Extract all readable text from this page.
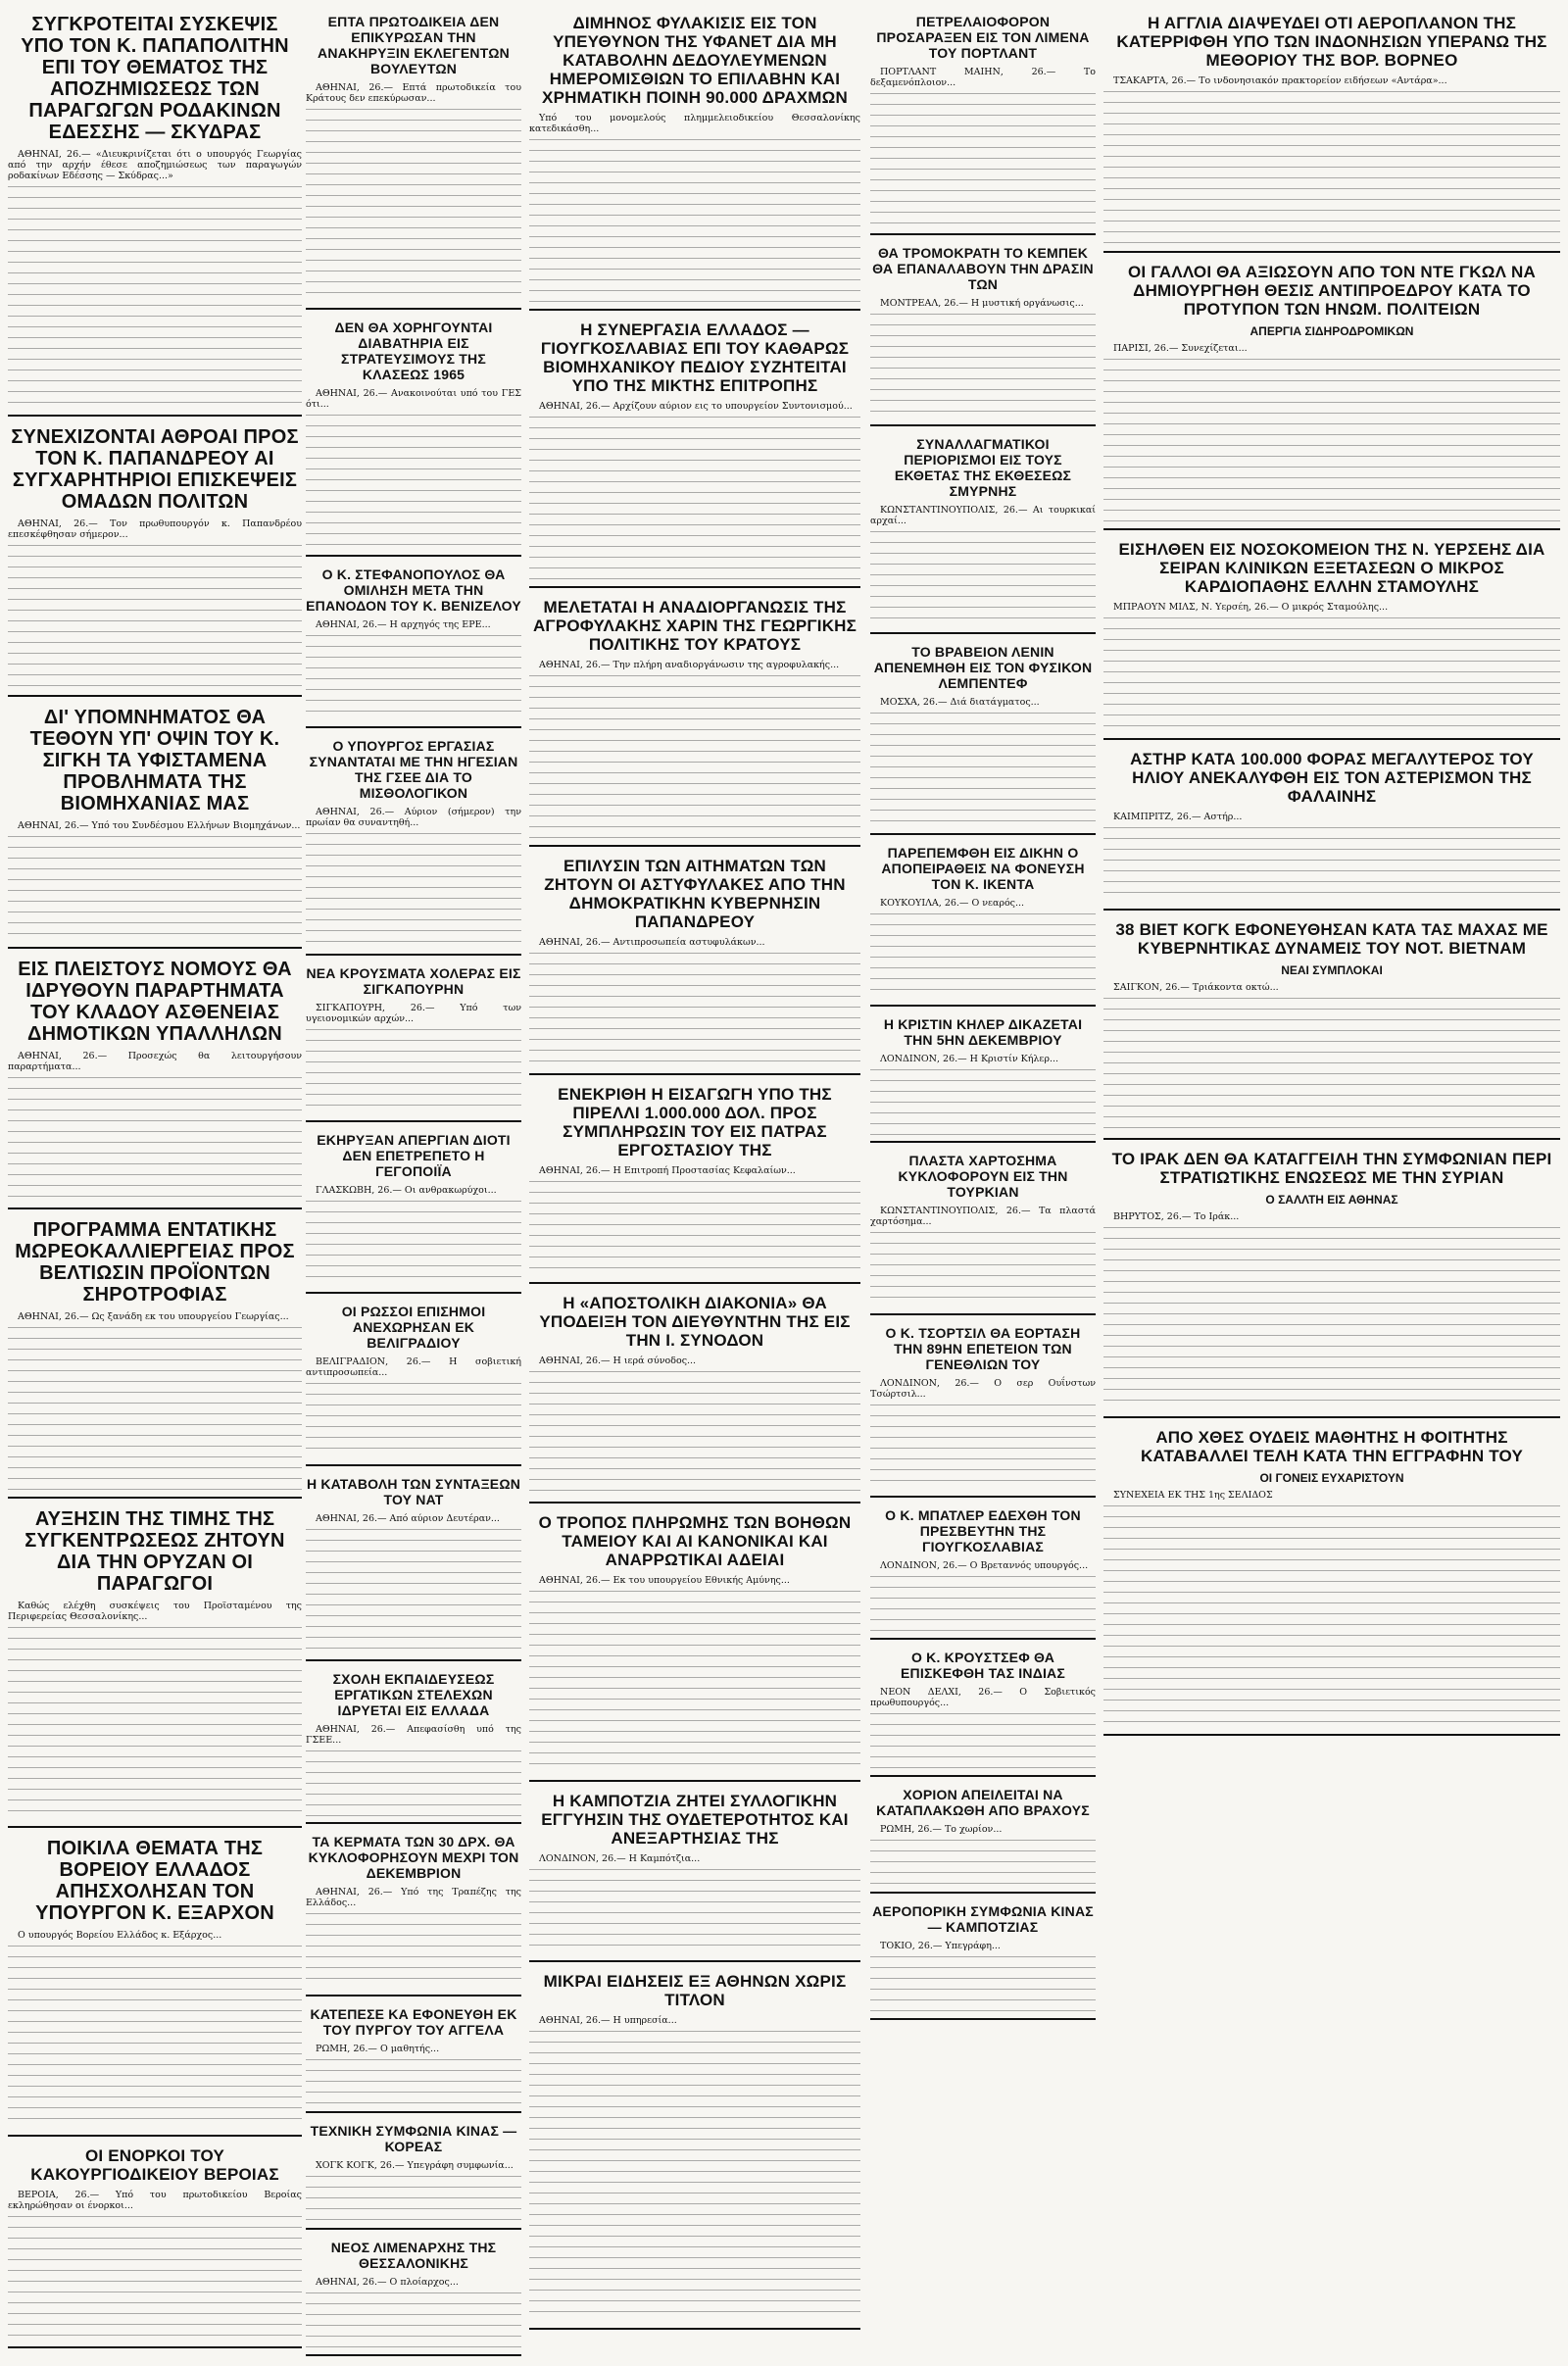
ΣΥΓΚΡΟΤΕΙΤΑΙ ΣΥΣΚΕΨΙΣ ΥΠΟ ΤΟΝ Κ. ΠΑΠΑΠΟΛΙΤΗΝ ΕΠΙ ΤΟΥ ΘΕΜΑΤΟΣ ΤΗΣ ΑΠΟΖΗΜΙΩΣΕΩΣ ΤΩΝ ΠΑΡΑΓΩΓΩΝ ΡΟΔΑΚΙΝΩΝ ΕΔΕΣΣΗΣ — ΣΚΥΔΡΑΣ

ΑΘΗΝΑΙ, 26.— «Διευκρινίζεται ότι ο υπουργός Γεωργίας από την αρχήν έθεσε αποζημιώσεως των παραγωγών ροδακίνων Εδέσσης — Σκύδρας...»

ΣΥΝΕΧΙΖΟΝΤΑΙ ΑΘΡΟΑΙ ΠΡΟΣ ΤΟΝ Κ. ΠΑΠΑΝΔΡΕΟΥ ΑΙ ΣΥΓΧΑΡΗΤΗΡΙΟΙ ΕΠΙΣΚΕΨΕΙΣ ΟΜΑΔΩΝ ΠΟΛΙΤΩΝ

ΑΘΗΝΑΙ, 26.— Τον πρωθυπουργόν κ. Παπανδρέου επεσκέφθησαν σήμερον...

ΔΙ' ΥΠΟΜΝΗΜΑΤΟΣ ΘΑ ΤΕΘΟΥΝ ΥΠ' ΟΨΙΝ ΤΟΥ Κ. ΣΙΓΚΗ ΤΑ ΥΦΙΣΤΑΜΕΝΑ ΠΡΟΒΛΗΜΑΤΑ ΤΗΣ ΒΙΟΜΗΧΑΝΙΑΣ ΜΑΣ

ΑΘΗΝΑΙ, 26.— Υπό του Συνδέσμου Ελλήνων Βιομηχάνων...

ΕΙΣ ΠΛΕΙΣΤΟΥΣ ΝΟΜΟΥΣ ΘΑ ΙΔΡΥΘΟΥΝ ΠΑΡΑΡΤΗΜΑΤΑ ΤΟΥ ΚΛΑΔΟΥ ΑΣΘΕΝΕΙΑΣ ΔΗΜΟΤΙΚΩΝ ΥΠΑΛΛΗΛΩΝ

ΑΘΗΝΑΙ, 26.— Προσεχώς θα λειτουργήσουν παραρτήματα...

ΠΡΟΓΡΑΜΜΑ ΕΝΤΑΤΙΚΗΣ ΜΩΡΕΟΚΑΛΛΙΕΡΓΕΙΑΣ ΠΡΟΣ ΒΕΛΤΙΩΣΙΝ ΠΡΟΪΟΝΤΩΝ ΣΗΡΟΤΡΟΦΙΑΣ

ΑΘΗΝΑΙ, 26.— Ως ξανάδη εκ του υπουργείου Γεωργίας...

ΑΥΞΗΣΙΝ ΤΗΣ ΤΙΜΗΣ ΤΗΣ ΣΥΓΚΕΝΤΡΩΣΕΩΣ ΖΗΤΟΥΝ ΔΙΑ ΤΗΝ ΟΡΥΖΑΝ ΟΙ ΠΑΡΑΓΩΓΟΙ

Καθώς ελέχθη συσκέψεις του Προϊσταμένου της Περιφερείας Θεσσαλονίκης...

ΠΟΙΚΙΛΑ ΘΕΜΑΤΑ ΤΗΣ ΒΟΡΕΙΟΥ ΕΛΛΑΔΟΣ ΑΠΗΣΧΟΛΗΣΑΝ ΤΟΝ ΥΠΟΥΡΓΟΝ Κ. ΕΞΑΡΧΟΝ

Ο υπουργός Βορείου Ελλάδος κ. Εξάρχος...

ΟΙ ΕΝΟΡΚΟΙ ΤΟΥ ΚΑΚΟΥΡΓΙΟΔΙΚΕΙΟΥ ΒΕΡΟΙΑΣ

ΒΕΡΟΙΑ, 26.— Υπό του πρωτοδικείου Βεροίας εκληρώθησαν οι ένορκοι...

ΕΠΤΑ ΠΡΩΤΟΔΙΚΕΙΑ ΔΕΝ ΕΠΙΚΥΡΩΣΑΝ ΤΗΝ ΑΝΑΚΗΡΥΞΙΝ ΕΚΛΕΓΕΝΤΩΝ ΒΟΥΛΕΥΤΩΝ

ΑΘΗΝΑΙ, 26.— Επτά πρωτοδικεία του Κράτους δεν επεκύρωσαν...

ΔΕΝ ΘΑ ΧΟΡΗΓΟΥΝΤΑΙ ΔΙΑΒΑΤΗΡΙΑ ΕΙΣ ΣΤΡΑΤΕΥΣΙΜΟΥΣ ΤΗΣ ΚΛΑΣΕΩΣ 1965

ΑΘΗΝΑΙ, 26.— Ανακοινούται υπό του ΓΕΣ ότι...

Ο Κ. ΣΤΕΦΑΝΟΠΟΥΛΟΣ ΘΑ ΟΜΙΛΗΣΗ ΜΕΤΑ ΤΗΝ ΕΠΑΝΟΔΟΝ ΤΟΥ Κ. ΒΕΝΙΖΕΛΟΥ

ΑΘΗΝΑΙ, 26.— Η αρχηγός της ΕΡΕ...

Ο ΥΠΟΥΡΓΟΣ ΕΡΓΑΣΙΑΣ ΣΥΝΑΝΤΑΤΑΙ ΜΕ ΤΗΝ ΗΓΕΣΙΑΝ ΤΗΣ ΓΣΕΕ ΔΙΑ ΤΟ ΜΙΣΘΟΛΟΓΙΚΟΝ

ΑΘΗΝΑΙ, 26.— Αύριον (σήμερον) την πρωίαν θα συναντηθή...

ΝΕΑ ΚΡΟΥΣΜΑΤΑ ΧΟΛΕΡΑΣ ΕΙΣ ΣΙΓΚΑΠΟΥΡΗΝ

ΣΙΓΚΑΠΟΥΡΗ, 26.— Υπό των υγειονομικών αρχών...

ΕΚΗΡΥΞΑΝ ΑΠΕΡΓΙΑΝ ΔΙΟΤΙ ΔΕΝ ΕΠΕΤΡΕΠΕΤΟ Η ΓΕΓΟΠΟΙΪΑ

ΓΛΑΣΚΩΒΗ, 26.— Οι ανθρακωρύχοι...

ΟΙ ΡΩΣΣΟΙ ΕΠΙΣΗΜΟΙ ΑΝΕΧΩΡΗΣΑΝ ΕΚ ΒΕΛΙΓΡΑΔΙΟΥ

ΒΕΛΙΓΡΑΔΙΟΝ, 26.— Η σοβιετική αντιπροσωπεία...

Η ΚΑΤΑΒΟΛΗ ΤΩΝ ΣΥΝΤΑΞΕΩΝ ΤΟΥ ΝΑΤ

ΑΘΗΝΑΙ, 26.— Από αύριον Δευτέραν...

ΣΧΟΛΗ ΕΚΠΑΙΔΕΥΣΕΩΣ ΕΡΓΑΤΙΚΩΝ ΣΤΕΛΕΧΩΝ ΙΔΡΥΕΤΑΙ ΕΙΣ ΕΛΛΑΔΑ

ΑΘΗΝΑΙ, 26.— Απεφασίσθη υπό της ΓΣΕΕ...

ΤΑ ΚΕΡΜΑΤΑ ΤΩΝ 30 ΔΡΧ. ΘΑ ΚΥΚΛΟΦΟΡΗΣΟΥΝ ΜΕΧΡΙ ΤΟΝ ΔΕΚΕΜΒΡΙΟΝ

ΑΘΗΝΑΙ, 26.— Υπό της Τραπέζης της Ελλάδος...

ΚΑΤΕΠΕΣΕ ΚΑ ΕΦΟΝΕΥΘΗ ΕΚ ΤΟΥ ΠΥΡΓΟΥ ΤΟΥ ΑΓΓΕΛΑ

ΡΩΜΗ, 26.— Ο μαθητής...

ΤΕΧΝΙΚΗ ΣΥΜΦΩΝΙΑ ΚΙΝΑΣ — ΚΟΡΕΑΣ

ΧΟΓΚ ΚΟΓΚ, 26.— Υπεγράφη συμφωνία...

ΝΕΟΣ ΛΙΜΕΝΑΡΧΗΣ ΤΗΣ ΘΕΣΣΑΛΟΝΙΚΗΣ

ΑΘΗΝΑΙ, 26.— Ο πλοίαρχος...

ΔΙΜΗΝΟΣ ΦΥΛΑΚΙΣΙΣ ΕΙΣ ΤΟΝ ΥΠΕΥΘΥΝΟΝ ΤΗΣ ΥΦΑΝΕΤ ΔΙΑ ΜΗ ΚΑΤΑΒΟΛΗΝ ΔΕΔΟΥΛΕΥΜΕΝΩΝ ΗΜΕΡΟΜΙΣΘΙΩΝ ΤΟ ΕΠΙΛΑΒΗΝ ΚΑΙ ΧΡΗΜΑΤΙΚΗ ΠΟΙΝΗ 90.000 ΔΡΑΧΜΩΝ

Υπό του μονομελούς πλημμελειοδικείου Θεσσαλονίκης κατεδικάσθη...

Η ΣΥΝΕΡΓΑΣΙΑ ΕΛΛΑΔΟΣ — ΓΙΟΥΓΚΟΣΛΑΒΙΑΣ ΕΠΙ ΤΟΥ ΚΑΘΑΡΩΣ ΒΙΟΜΗΧΑΝΙΚΟΥ ΠΕΔΙΟΥ ΣΥΖΗΤΕΙΤΑΙ ΥΠΟ ΤΗΣ ΜΙΚΤΗΣ ΕΠΙΤΡΟΠΗΣ

ΑΘΗΝΑΙ, 26.— Αρχίζουν αύριον εις το υπουργείον Συντονισμού...

ΜΕΛΕΤΑΤΑΙ Η ΑΝΑΔΙΟΡΓΑΝΩΣΙΣ ΤΗΣ ΑΓΡΟΦΥΛΑΚΗΣ ΧΑΡΙΝ ΤΗΣ ΓΕΩΡΓΙΚΗΣ ΠΟΛΙΤΙΚΗΣ ΤΟΥ ΚΡΑΤΟΥΣ

ΑΘΗΝΑΙ, 26.— Την πλήρη αναδιοργάνωσιν της αγροφυλακής...

ΕΠΙΛΥΣΙΝ ΤΩΝ ΑΙΤΗΜΑΤΩΝ ΤΩΝ ΖΗΤΟΥΝ ΟΙ ΑΣΤΥΦΥΛΑΚΕΣ ΑΠΟ ΤΗΝ ΔΗΜΟΚΡΑΤΙΚΗΝ ΚΥΒΕΡΝΗΣΙΝ ΠΑΠΑΝΔΡΕΟΥ

ΑΘΗΝΑΙ, 26.— Αντιπροσωπεία αστυφυλάκων...

ΕΝΕΚΡΙΘΗ Η ΕΙΣΑΓΩΓΗ ΥΠΟ ΤΗΣ ΠΙΡΕΛΛΙ 1.000.000 ΔΟΛ. ΠΡΟΣ ΣΥΜΠΛΗΡΩΣΙΝ ΤΟΥ ΕΙΣ ΠΑΤΡΑΣ ΕΡΓΟΣΤΑΣΙΟΥ ΤΗΣ

ΑΘΗΝΑΙ, 26.— Η Επιτροπή Προστασίας Κεφαλαίων...

Η «ΑΠΟΣΤΟΛΙΚΗ ΔΙΑΚΟΝΙΑ» ΘΑ ΥΠΟΔΕΙΞΗ ΤΟΝ ΔΙΕΥΘΥΝΤΗΝ ΤΗΣ ΕΙΣ ΤΗΝ Ι. ΣΥΝΟΔΟΝ

ΑΘΗΝΑΙ, 26.— Η ιερά σύνοδος...

Ο ΤΡΟΠΟΣ ΠΛΗΡΩΜΗΣ ΤΩΝ ΒΟΗΘΩΝ ΤΑΜΕΙΟΥ ΚΑΙ ΑΙ ΚΑΝΟΝΙΚΑΙ ΚΑΙ ΑΝΑΡΡΩΤΙΚΑΙ ΑΔΕΙΑΙ

ΑΘΗΝΑΙ, 26.— Εκ του υπουργείου Εθνικής Αμύνης...

Η ΚΑΜΠΟΤΖΙΑ ΖΗΤΕΙ ΣΥΛΛΟΓΙΚΗΝ ΕΓΓΥΗΣΙΝ ΤΗΣ ΟΥΔΕΤΕΡΟΤΗΤΟΣ ΚΑΙ ΑΝΕΞΑΡΤΗΣΙΑΣ ΤΗΣ

ΛΟΝΔΙΝΟΝ, 26.— Η Καμπότζια...

ΜΙΚΡΑΙ ΕΙΔΗΣΕΙΣ ΕΞ ΑΘΗΝΩΝ ΧΩΡΙΣ ΤΙΤΛΟΝ

ΑΘΗΝΑΙ, 26.— Η υπηρεσία...

ΠΕΤΡΕΛΑΙΟΦΟΡΟΝ ΠΡΟΣΑΡΑΞΕΝ ΕΙΣ ΤΟΝ ΛΙΜΕΝΑ ΤΟΥ ΠΟΡΤΛΑΝΤ

ΠΟΡΤΛΑΝΤ ΜΑΙΗΝ, 26.— Το δεξαμενόπλοιον...

ΘΑ ΤΡΟΜΟΚΡΑΤΗ ΤΟ ΚΕΜΠΕΚ ΘΑ ΕΠΑΝΑΛΑΒΟΥΝ ΤΗΝ ΔΡΑΣΙΝ ΤΩΝ

ΜΟΝΤΡΕΑΛ, 26.— Η μυστική οργάνωσις...

ΣΥΝΑΛΛΑΓΜΑΤΙΚΟΙ ΠΕΡΙΟΡΙΣΜΟΙ ΕΙΣ ΤΟΥΣ ΕΚΘΕΤΑΣ ΤΗΣ ΕΚΘΕΣΕΩΣ ΣΜΥΡΝΗΣ

ΚΩΝΣΤΑΝΤΙΝΟΥΠΟΛΙΣ, 26.— Αι τουρκικαί αρχαί...

ΤΟ ΒΡΑΒΕΙΟΝ ΛΕΝΙΝ ΑΠΕΝΕΜΗΘΗ ΕΙΣ ΤΟΝ ΦΥΣΙΚΟΝ ΛΕΜΠΕΝΤΕΦ

ΜΟΣΧΑ, 26.— Διά διατάγματος...

ΠΑΡΕΠΕΜΦΘΗ ΕΙΣ ΔΙΚΗΝ Ο ΑΠΟΠΕΙΡΑΘΕΙΣ ΝΑ ΦΟΝΕΥΣΗ ΤΟΝ Κ. ΙΚΕΝΤΑ

ΚΟΥΚΟΥΙΛΑ, 26.— Ο νεαρός...

Η ΚΡΙΣΤΙΝ ΚΗΛΕΡ ΔΙΚΑΖΕΤΑΙ ΤΗΝ 5ΗΝ ΔΕΚΕΜΒΡΙΟΥ

ΛΟΝΔΙΝΟΝ, 26.— Η Κριστίν Κήλερ...

ΠΛΑΣΤΑ ΧΑΡΤΟΣΗΜΑ ΚΥΚΛΟΦΟΡΟΥΝ ΕΙΣ ΤΗΝ ΤΟΥΡΚΙΑΝ

ΚΩΝΣΤΑΝΤΙΝΟΥΠΟΛΙΣ, 26.— Τα πλαστά χαρτόσημα...

Ο Κ. ΤΣΟΡΤΣΙΛ ΘΑ ΕΟΡΤΑΣΗ ΤΗΝ 89ΗΝ ΕΠΕΤΕΙΟΝ ΤΩΝ ΓΕΝΕΘΛΙΩΝ ΤΟΥ

ΛΟΝΔΙΝΟΝ, 26.— Ο σερ Ουΐνστων Τσώρτσιλ...

Ο Κ. ΜΠΑΤΛΕΡ ΕΔΕΧΘΗ ΤΟΝ ΠΡΕΣΒΕΥΤΗΝ ΤΗΣ ΓΙΟΥΓΚΟΣΛΑΒΙΑΣ

ΛΟΝΔΙΝΟΝ, 26.— Ο Βρεταννός υπουργός...

Ο Κ. ΚΡΟΥΣΤΣΕΦ ΘΑ ΕΠΙΣΚΕΦΘΗ ΤΑΣ ΙΝΔΙΑΣ

ΝΕΟΝ ΔΕΛΧΙ, 26.— Ο Σοβιετικός πρωθυπουργός...

ΧΟΡΙΟΝ ΑΠΕΙΛΕΙΤΑΙ ΝΑ ΚΑΤΑΠΛΑΚΩΘΗ ΑΠΟ ΒΡΑΧΟΥΣ

ΡΩΜΗ, 26.— Το χωρίον...

ΑΕΡΟΠΟΡΙΚΗ ΣΥΜΦΩΝΙΑ ΚΙΝΑΣ — ΚΑΜΠΟΤΖΙΑΣ

ΤΟΚΙΟ, 26.— Υπεγράφη...

Η ΑΓΓΛΙΑ ΔΙΑΨΕΥΔΕΙ ΟΤΙ ΑΕΡΟΠΛΑΝΟΝ ΤΗΣ ΚΑΤΕΡΡΙΦΘΗ ΥΠΟ ΤΩΝ ΙΝΔΟΝΗΣΙΩΝ ΥΠΕΡΑΝΩ ΤΗΣ ΜΕΘΟΡΙΟΥ ΤΗΣ ΒΟΡ. ΒΟΡΝΕΟ

ΤΣΑΚΑΡΤΑ, 26.— Το ινδονησιακόν πρακτορείον ειδήσεων «Αντάρα»...

ΟΙ ΓΑΛΛΟΙ ΘΑ ΑΞΙΩΣΟΥΝ ΑΠΟ ΤΟΝ ΝΤΕ ΓΚΩΛ ΝΑ ΔΗΜΙΟΥΡΓΗΘΗ ΘΕΣΙΣ ΑΝΤΙΠΡΟΕΔΡΟΥ ΚΑΤΑ ΤΟ ΠΡΟΤΥΠΟΝ ΤΩΝ ΗΝΩΜ. ΠΟΛΙΤΕΙΩΝ
ΑΠΕΡΓΙΑ ΣΙΔΗΡΟΔΡΟΜΙΚΩΝ

ΠΑΡΙΣΙ, 26.— Συνεχίζεται...

ΕΙΣΗΛΘΕΝ ΕΙΣ ΝΟΣΟΚΟΜΕΙΟΝ ΤΗΣ Ν. ΥΕΡΣΕΗΣ ΔΙΑ ΣΕΙΡΑΝ ΚΛΙΝΙΚΩΝ ΕΞΕΤΑΣΕΩΝ Ο ΜΙΚΡΟΣ ΚΑΡΔΙΟΠΑΘΗΣ ΕΛΛΗΝ ΣΤΑΜΟΥΛΗΣ

ΜΠΡΑΟΥΝ ΜΙΛΣ, Ν. Υερσέη, 26.— Ο μικρός Σταμούλης...

ΑΣΤΗΡ ΚΑΤΑ 100.000 ΦΟΡΑΣ ΜΕΓΑΛΥΤΕΡΟΣ ΤΟΥ ΗΛΙΟΥ ΑΝΕΚΑΛΥΦΘΗ ΕΙΣ ΤΟΝ ΑΣΤΕΡΙΣΜΟΝ ΤΗΣ ΦΑΛΑΙΝΗΣ

ΚΑΙΜΠΡΙΤΖ, 26.— Αστήρ...

38 ΒΙΕΤ ΚΟΓΚ ΕΦΟΝΕΥΘΗΣΑΝ ΚΑΤΑ ΤΑΣ ΜΑΧΑΣ ΜΕ ΚΥΒΕΡΝΗΤΙΚΑΣ ΔΥΝΑΜΕΙΣ ΤΟΥ ΝΟΤ. ΒΙΕΤΝΑΜ
ΝΕΑΙ ΣΥΜΠΛΟΚΑΙ

ΣΑΙΓΚΟΝ, 26.— Τριάκοντα οκτώ...

ΤΟ ΙΡΑΚ ΔΕΝ ΘΑ ΚΑΤΑΓΓΕΙΛΗ ΤΗΝ ΣΥΜΦΩΝΙΑΝ ΠΕΡΙ ΣΤΡΑΤΙΩΤΙΚΗΣ ΕΝΩΣΕΩΣ ΜΕ ΤΗΝ ΣΥΡΙΑΝ
Ο ΣΑΛΛΤΗ ΕΙΣ ΑΘΗΝΑΣ

ΒΗΡΥΤΟΣ, 26.— Το Ιράκ...

ΑΠΟ ΧΘΕΣ ΟΥΔΕΙΣ ΜΑΘΗΤΗΣ Η ΦΟΙΤΗΤΗΣ ΚΑΤΑΒΑΛΛΕΙ ΤΕΛΗ ΚΑΤΑ ΤΗΝ ΕΓΓΡΑΦΗΝ ΤΟΥ
ΟΙ ΓΟΝΕΙΣ ΕΥΧΑΡΙΣΤΟΥΝ

ΣΥΝΕΧΕΙΑ ΕΚ ΤΗΣ 1ης ΣΕΛΙΔΟΣ
